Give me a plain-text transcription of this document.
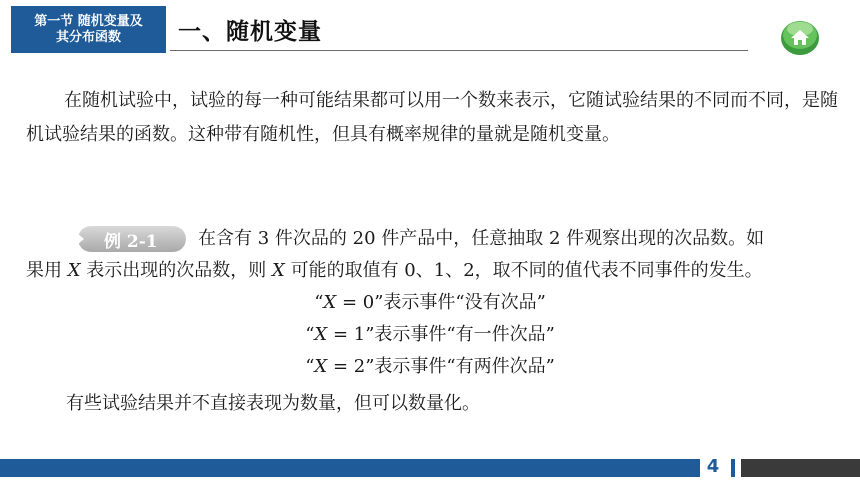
第一节 随机变量及
其分布函数	一、随机变量
在随机试验中，试验的每一种可能结果都可以用一个数来表示，它随试验结果的不同而不同，是随机试验结果的函数。这种带有随机性，但具有概率规律的量就是随机变量。
例 2-1 在含有 3 件次品的 20 件产品中，任意抽取 2 件观察出现的次品数。如
果用 X 表示出现的次品数，则 X 可能的取值有 0、1、2，取不同的值代表不同事件的发生。
“X = 0”表示事件“没有次品”
“X = 1”表示事件“有一件次品”
“X = 2”表示事件“有两件次品”
有些试验结果并不直接表现为数量，但可以数量化。
4
